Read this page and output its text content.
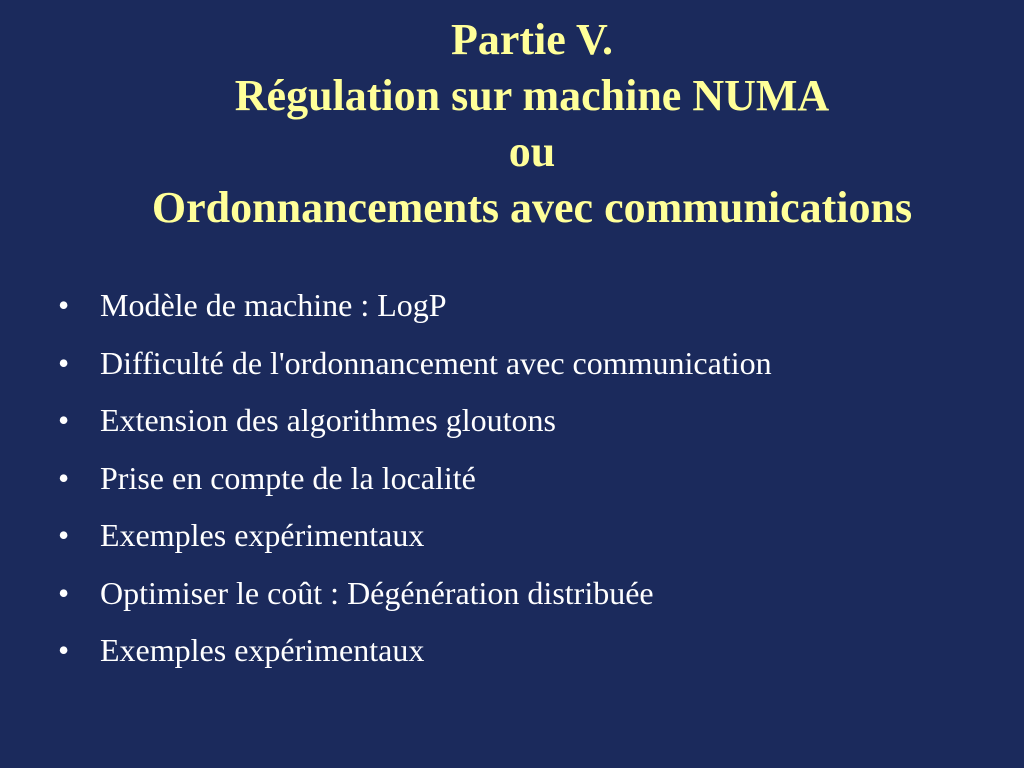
Partie V.
Régulation sur machine NUMA
ou
Ordonnancements avec communications
• Modèle de machine : LogP
• Difficulté de l'ordonnancement avec communication
• Extension des algorithmes gloutons
• Prise en compte de la localité
• Exemples expérimentaux
• Optimiser le coût : Dégénération distribuée
• Exemples expérimentaux
